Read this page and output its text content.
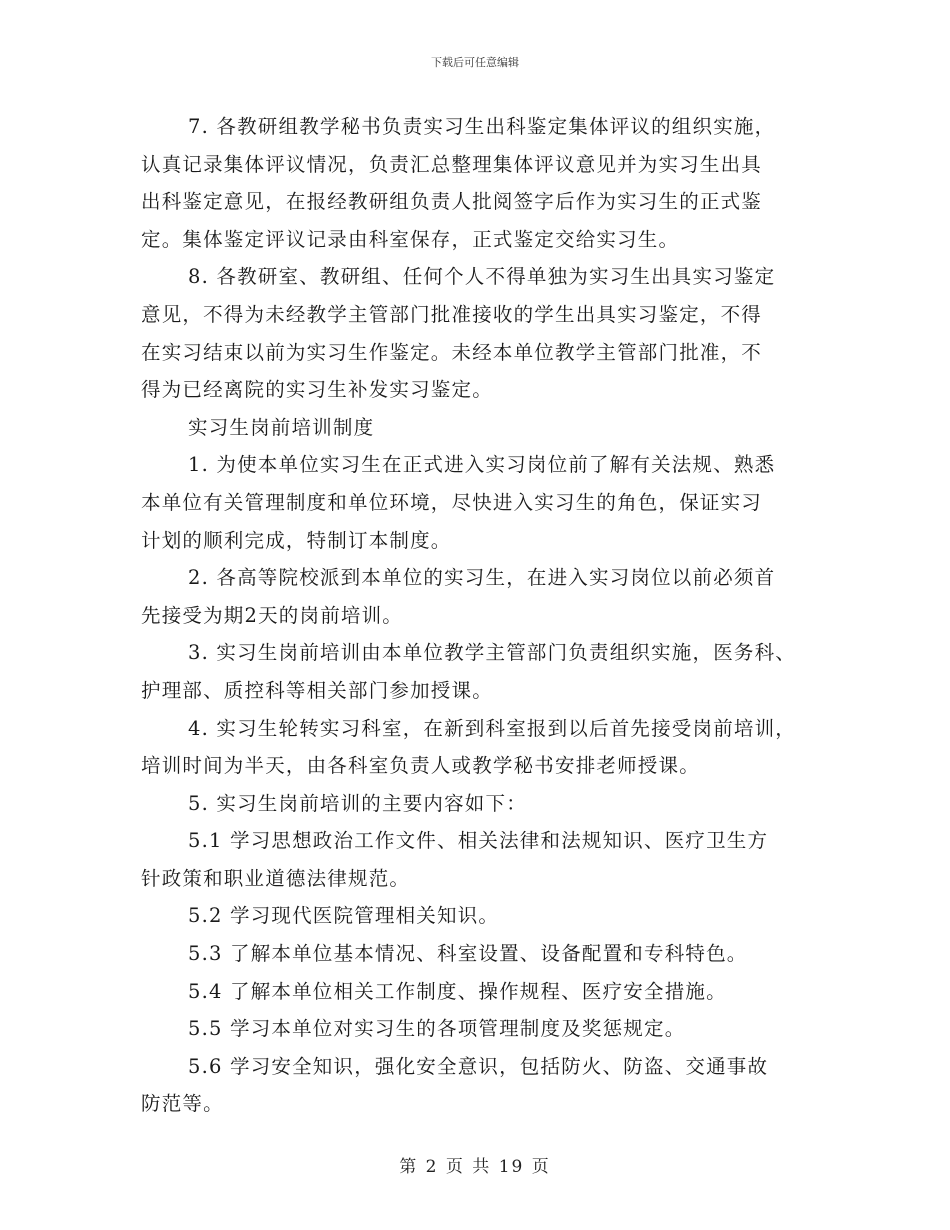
下载后可任意编辑
7. 各教研组教学秘书负责实习生出科鉴定集体评议的组织实施，
认真记录集体评议情况，负责汇总整理集体评议意见并为实习生出具
出科鉴定意见，在报经教研组负责人批阅签字后作为实习生的正式鉴
定。集体鉴定评议记录由科室保存，正式鉴定交给实习生。
8. 各教研室、教研组、任何个人不得单独为实习生出具实习鉴定
意见，不得为未经教学主管部门批准接收的学生出具实习鉴定，不得
在实习结束以前为实习生作鉴定。未经本单位教学主管部门批准，不
得为已经离院的实习生补发实习鉴定。
实习生岗前培训制度
1. 为使本单位实习生在正式进入实习岗位前了解有关法规、熟悉
本单位有关管理制度和单位环境，尽快进入实习生的角色，保证实习
计划的顺利完成，特制订本制度。
2. 各高等院校派到本单位的实习生，在进入实习岗位以前必须首
先接受为期2天的岗前培训。
3. 实习生岗前培训由本单位教学主管部门负责组织实施，医务科、
护理部、质控科等相关部门参加授课。
4. 实习生轮转实习科室，在新到科室报到以后首先接受岗前培训，
培训时间为半天，由各科室负责人或教学秘书安排老师授课。
5. 实习生岗前培训的主要内容如下：
5.1 学习思想政治工作文件、相关法律和法规知识、医疗卫生方
针政策和职业道德法律规范。
5.2 学习现代医院管理相关知识。
5.3 了解本单位基本情况、科室设置、设备配置和专科特色。
5.4 了解本单位相关工作制度、操作规程、医疗安全措施。
5.5 学习本单位对实习生的各项管理制度及奖惩规定。
5.6 学习安全知识，强化安全意识，包括防火、防盗、交通事故
防范等。
第 2 页 共 19 页
